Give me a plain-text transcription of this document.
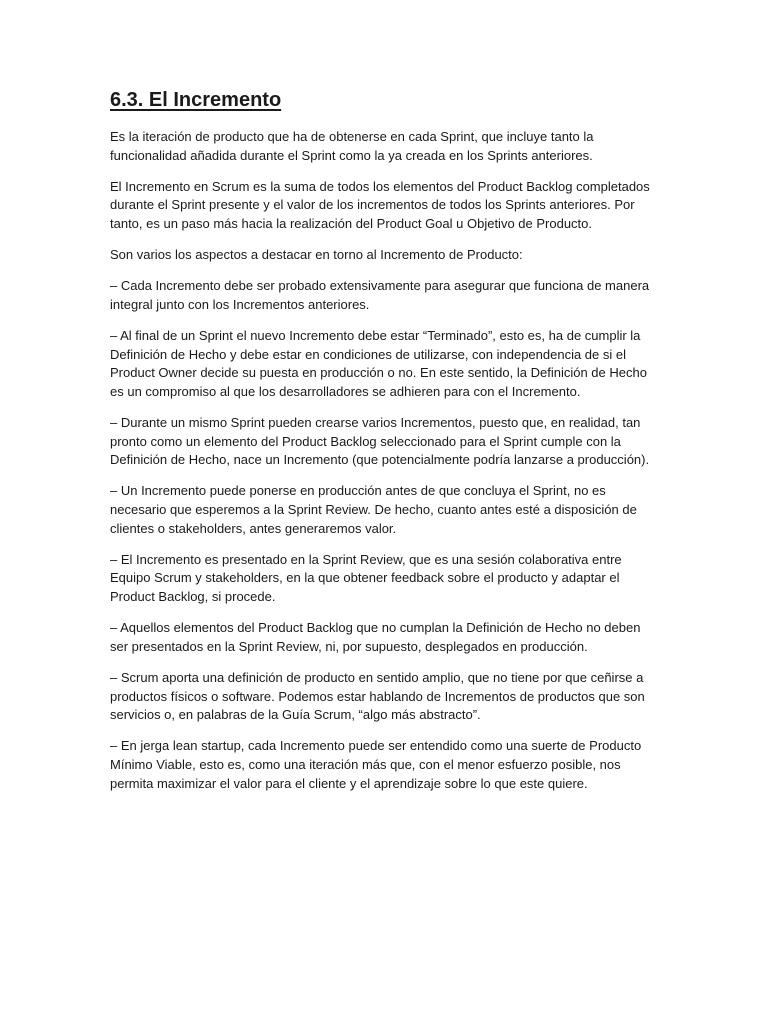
6.3. El Incremento

Es la iteración de producto que ha de obtenerse en cada Sprint, que incluye tanto la funcionalidad añadida durante el Sprint como la ya creada en los Sprints anteriores.

El Incremento en Scrum es la suma de todos los elementos del Product Backlog completados durante el Sprint presente y el valor de los incrementos de todos los Sprints anteriores. Por tanto, es un paso más hacia la realización del Product Goal u Objetivo de Producto.

Son varios los aspectos a destacar en torno al Incremento de Producto:

– Cada Incremento debe ser probado extensivamente para asegurar que funciona de manera integral junto con los Incrementos anteriores.

– Al final de un Sprint el nuevo Incremento debe estar “Terminado”, esto es, ha de cumplir la Definición de Hecho y debe estar en condiciones de utilizarse, con independencia de si el Product Owner decide su puesta en producción o no. En este sentido, la Definición de Hecho es un compromiso al que los desarrolladores se adhieren para con el Incremento.

– Durante un mismo Sprint pueden crearse varios Incrementos, puesto que, en realidad, tan pronto como un elemento del Product Backlog seleccionado para el Sprint cumple con la Definición de Hecho, nace un Incremento (que potencialmente podría lanzarse a producción).

– Un Incremento puede ponerse en producción antes de que concluya el Sprint, no es necesario que esperemos a la Sprint Review. De hecho, cuanto antes esté a disposición de clientes o stakeholders, antes generaremos valor.

– El Incremento es presentado en la Sprint Review, que es una sesión colaborativa entre Equipo Scrum y stakeholders, en la que obtener feedback sobre el producto y adaptar el Product Backlog, si procede.

– Aquellos elementos del Product Backlog que no cumplan la Definición de Hecho no deben ser presentados en la Sprint Review, ni, por supuesto, desplegados en producción.

– Scrum aporta una definición de producto en sentido amplio, que no tiene por que ceñirse a productos físicos o software. Podemos estar hablando de Incrementos de productos que son servicios o, en palabras de la Guía Scrum, “algo más abstracto”.

– En jerga lean startup, cada Incremento puede ser entendido como una suerte de Producto Mínimo Viable, esto es, como una iteración más que, con el menor esfuerzo posible, nos permita maximizar el valor para el cliente y el aprendizaje sobre lo que este quiere.
